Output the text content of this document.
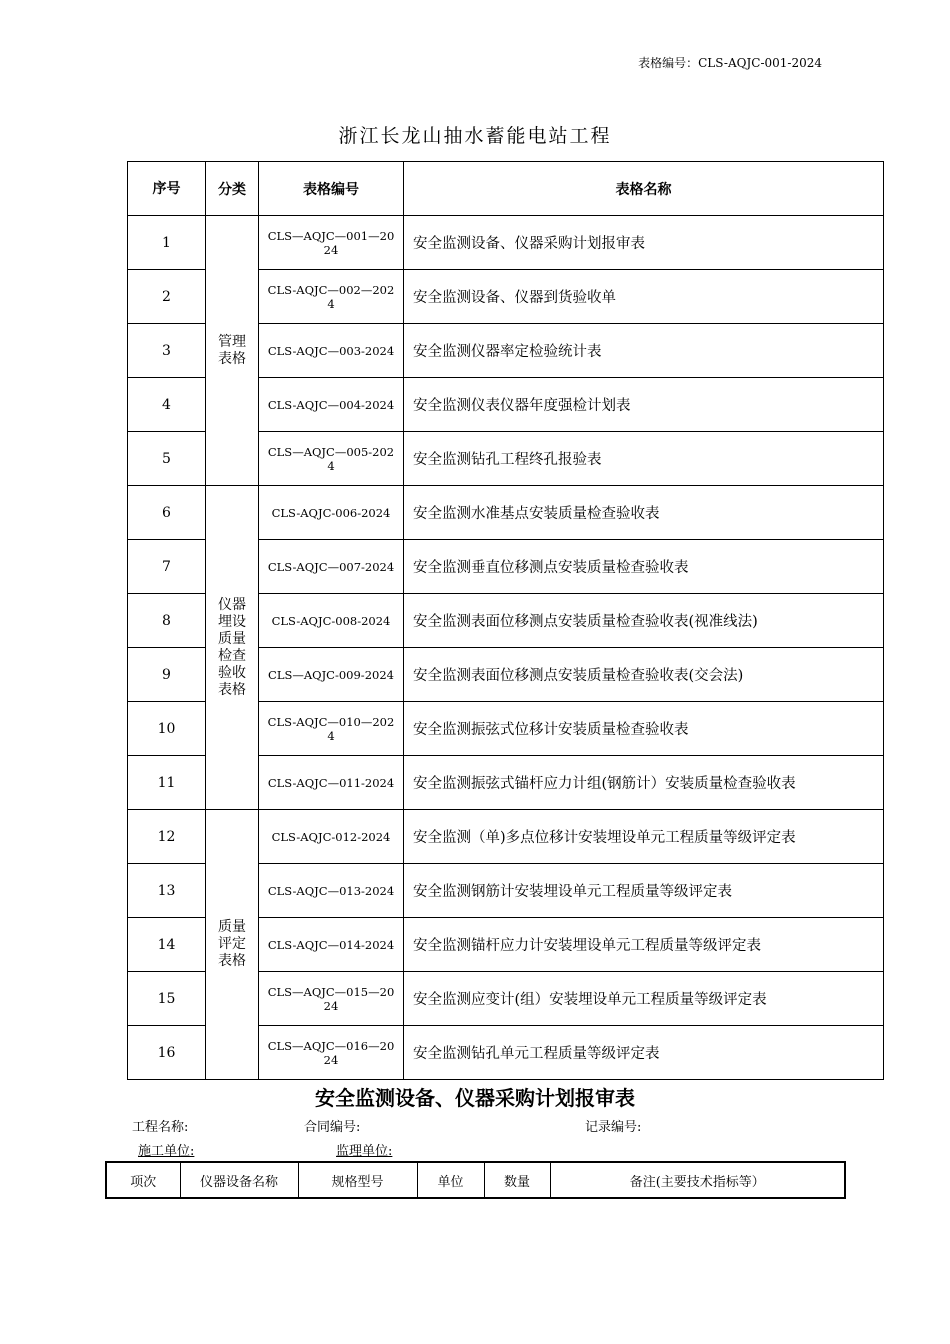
表格编号：CLS-AQJC-001-2024
浙江长龙山抽水蓄能电站工程
序号	分类	表格编号	表格名称
1	管理表格	CLS—AQJC—001—2024	安全监测设备、仪器采购计划报审表
2		CLS-AQJC—002—2024	安全监测设备、仪器到货验收单
3		CLS-AQJC—003-2024	安全监测仪器率定检验统计表
4		CLS-AQJC—004-2024	安全监测仪表仪器年度强检计划表
5		CLS—AQJC—005-2024	安全监测钻孔工程终孔报验表
6	仪器埋设质量检查验收表格	CLS-AQJC-006-2024	安全监测水准基点安装质量检查验收表
7		CLS-AQJC—007-2024	安全监测垂直位移测点安装质量检查验收表
8		CLS-AQJC-008-2024	安全监测表面位移测点安装质量检查验收表(视准线法)
9		CLS—AQJC-009-2024	安全监测表面位移测点安装质量检查验收表(交会法)
10		CLS-AQJC—010—2024	安全监测振弦式位移计安装质量检查验收表
11		CLS-AQJC—011-2024	安全监测振弦式锚杆应力计组(钢筋计）安装质量检查验收表
12	质量评定表格	CLS-AQJC-012-2024	安全监测（单)多点位移计安装埋设单元工程质量等级评定表
13		CLS-AQJC—013-2024	安全监测钢筋计安装埋设单元工程质量等级评定表
14		CLS-AQJC—014-2024	安全监测锚杆应力计安装埋设单元工程质量等级评定表
15		CLS—AQJC—015—2024	安全监测应变计(组）安装埋设单元工程质量等级评定表
16		CLS—AQJC—016—2024	安全监测钻孔单元工程质量等级评定表
安全监测设备、仪器采购计划报审表
工程名称:	合同编号:	记录编号:
施工单位:	监理单位:
项次	仪器设备名称	规格型号	单位	数量	备注(主要技术指标等）
